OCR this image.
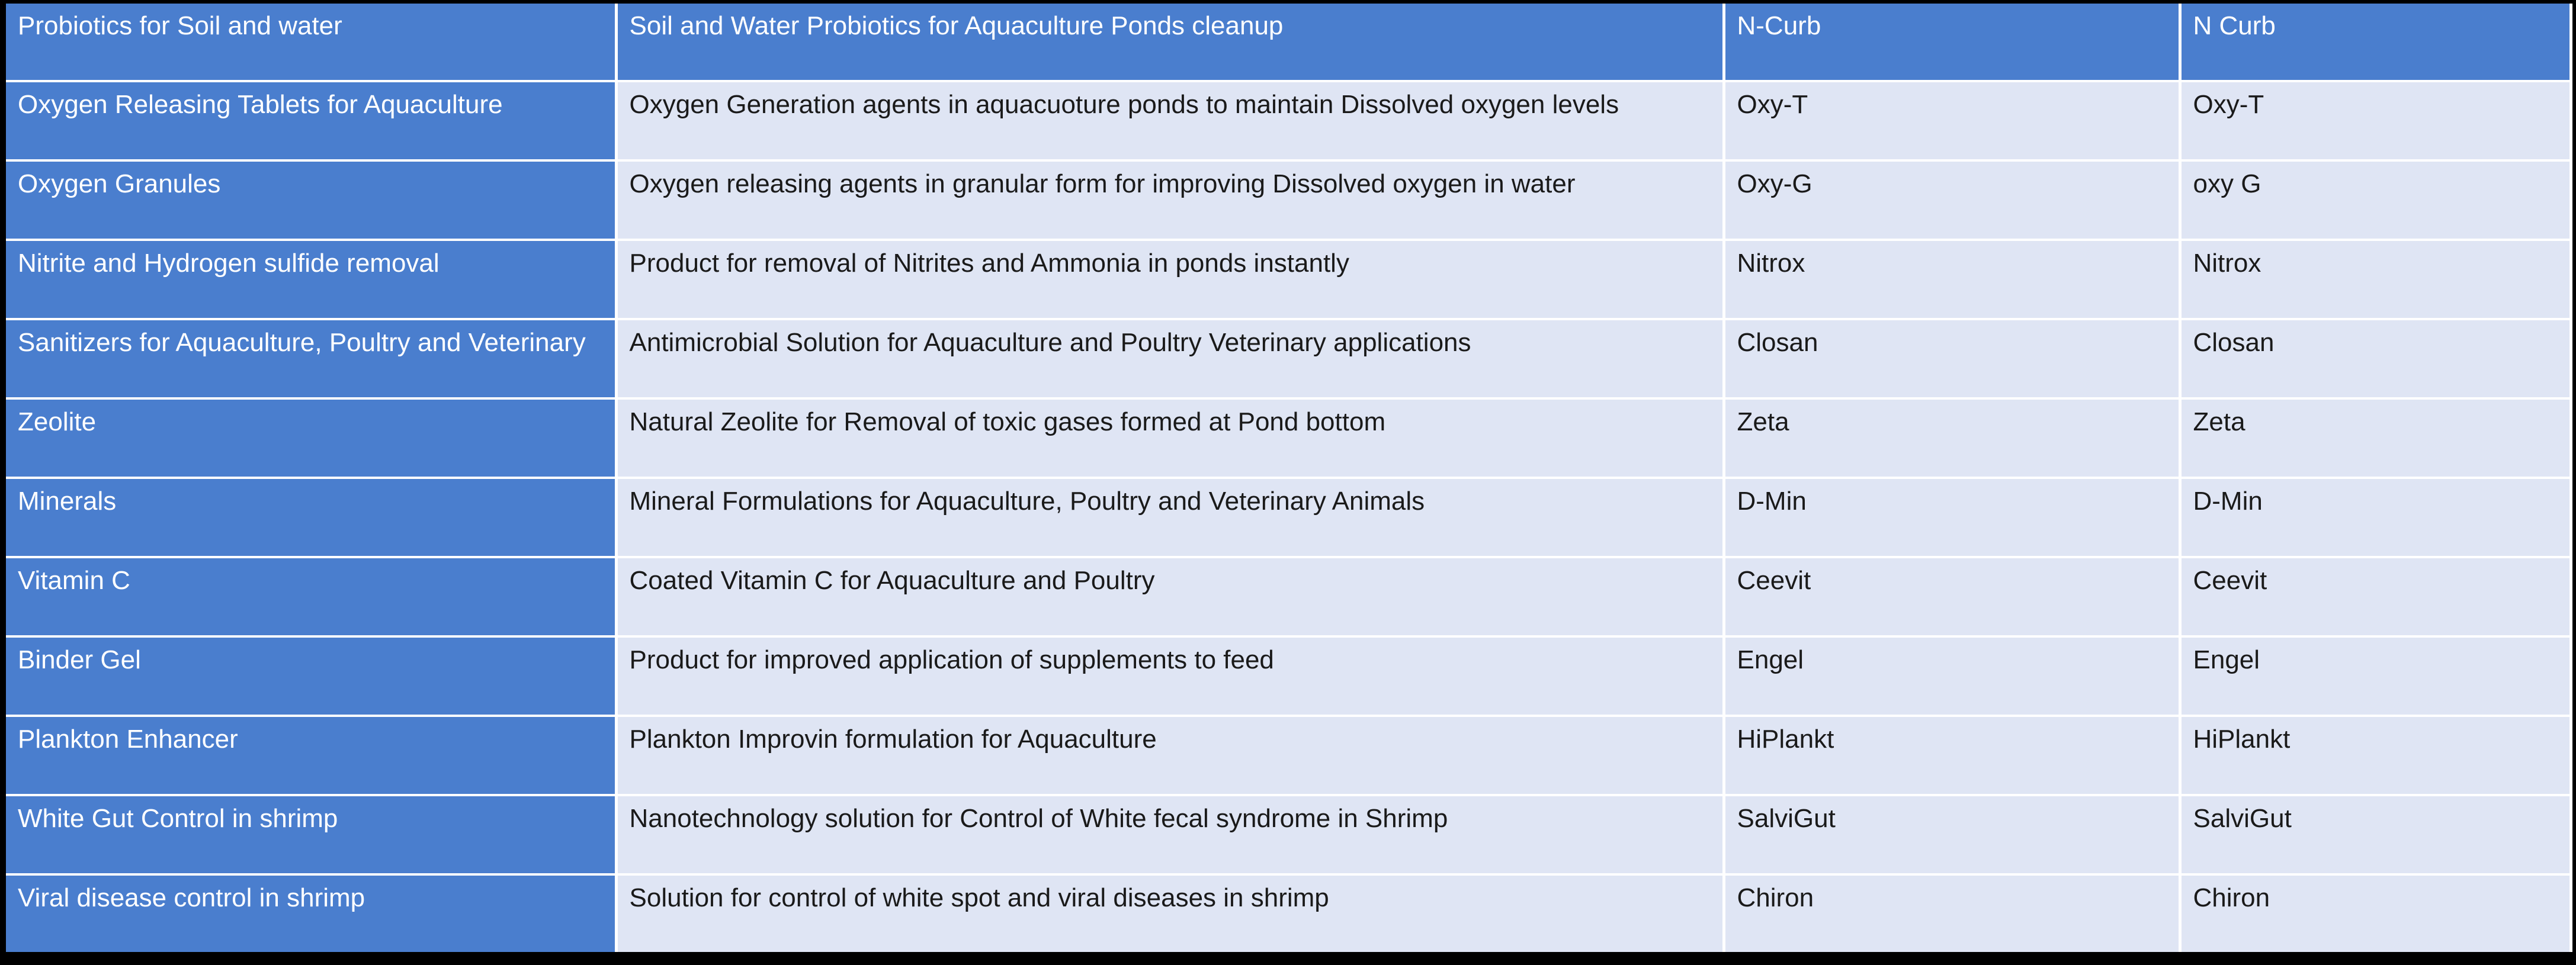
Probiotics for Soil and water	Soil and Water Probiotics for Aquaculture Ponds cleanup	N-Curb	N Curb
Oxygen Releasing Tablets for Aquaculture	Oxygen Generation agents in aquacuoture ponds to maintain Dissolved oxygen levels	Oxy-T	Oxy-T
Oxygen Granules	Oxygen releasing agents in granular form for improving Dissolved oxygen in water	Oxy-G	oxy G
Nitrite and Hydrogen sulfide removal	Product for removal of Nitrites and Ammonia in ponds instantly	Nitrox	Nitrox
Sanitizers for Aquaculture, Poultry and Veterinary	Antimicrobial Solution for Aquaculture and Poultry Veterinary applications	Closan	Closan
Zeolite	Natural Zeolite for Removal of toxic gases formed at Pond bottom	Zeta	Zeta
Minerals	Mineral Formulations for Aquaculture, Poultry and Veterinary Animals	D-Min	D-Min
Vitamin C	Coated Vitamin C for Aquaculture and Poultry	Ceevit	Ceevit
Binder Gel	Product for improved application of supplements to feed	Engel	Engel
Plankton Enhancer	Plankton Improvin formulation for Aquaculture	HiPlankt	HiPlankt
White Gut Control in shrimp	Nanotechnology solution for Control of White fecal syndrome in Shrimp	SalviGut	SalviGut
Viral disease control in shrimp	Solution for control of white spot and viral diseases in shrimp	Chiron	Chiron
